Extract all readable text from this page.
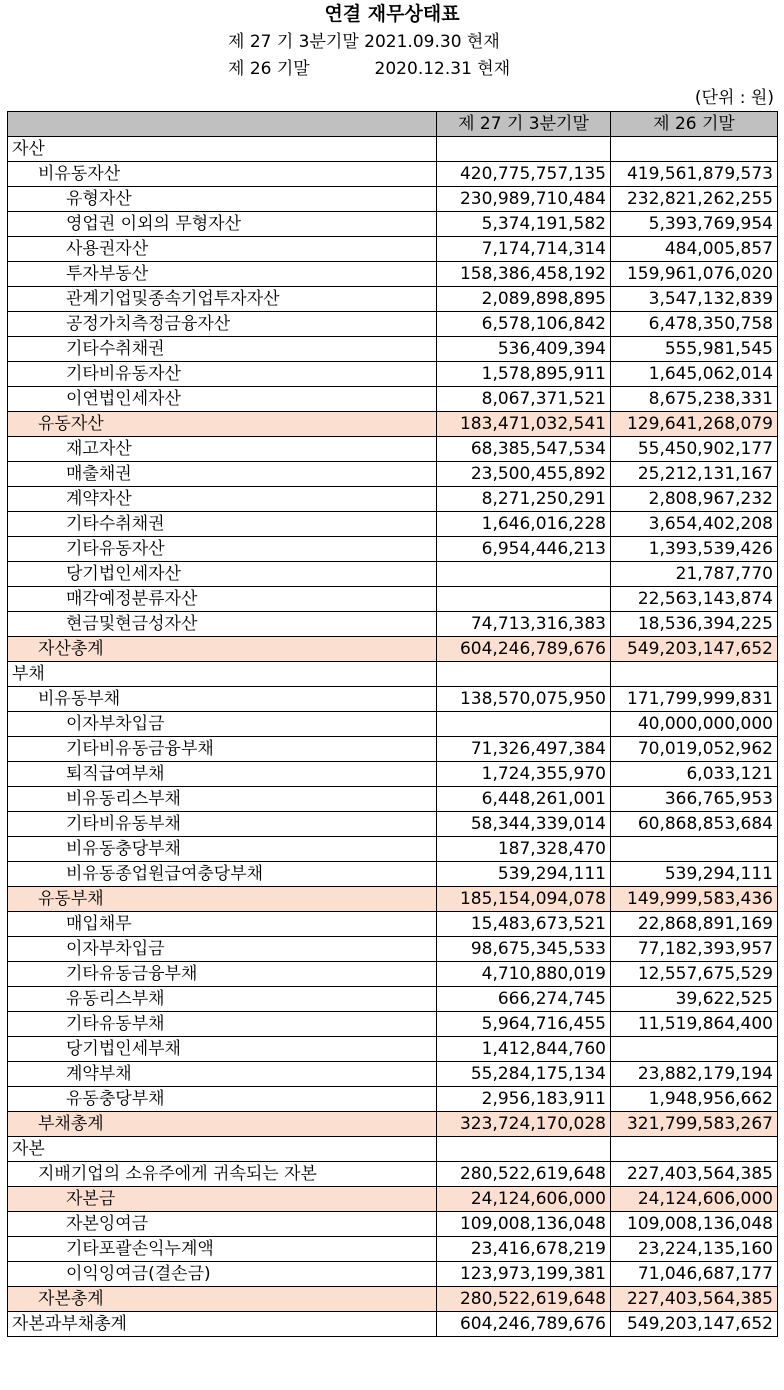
연결 재무상태표
제 27 기 3분기말 2021.09.30 현재
제 26 기말            2020.12.31 현재
(단위 : 원)
	제 27 기 3분기말	제 26 기말
자산		
비유동자산	420,775,757,135	419,561,879,573
유형자산	230,989,710,484	232,821,262,255
영업권 이외의 무형자산	5,374,191,582	5,393,769,954
사용권자산	7,174,714,314	484,005,857
투자부동산	158,386,458,192	159,961,076,020
관계기업및종속기업투자자산	2,089,898,895	3,547,132,839
공정가치측정금융자산	6,578,106,842	6,478,350,758
기타수취채권	536,409,394	555,981,545
기타비유동자산	1,578,895,911	1,645,062,014
이연법인세자산	8,067,371,521	8,675,238,331
유동자산	183,471,032,541	129,641,268,079
재고자산	68,385,547,534	55,450,902,177
매출채권	23,500,455,892	25,212,131,167
계약자산	8,271,250,291	2,808,967,232
기타수취채권	1,646,016,228	3,654,402,208
기타유동자산	6,954,446,213	1,393,539,426
당기법인세자산		21,787,770
매각예정분류자산		22,563,143,874
현금및현금성자산	74,713,316,383	18,536,394,225
자산총계	604,246,789,676	549,203,147,652
부채		
비유동부채	138,570,075,950	171,799,999,831
이자부차입금		40,000,000,000
기타비유동금융부채	71,326,497,384	70,019,052,962
퇴직급여부채	1,724,355,970	6,033,121
비유동리스부채	6,448,261,001	366,765,953
기타비유동부채	58,344,339,014	60,868,853,684
비유동충당부채	187,328,470	
비유동종업원급여충당부채	539,294,111	539,294,111
유동부채	185,154,094,078	149,999,583,436
매입채무	15,483,673,521	22,868,891,169
이자부차입금	98,675,345,533	77,182,393,957
기타유동금융부채	4,710,880,019	12,557,675,529
유동리스부채	666,274,745	39,622,525
기타유동부채	5,964,716,455	11,519,864,400
당기법인세부채	1,412,844,760	
계약부채	55,284,175,134	23,882,179,194
유동충당부채	2,956,183,911	1,948,956,662
부채총계	323,724,170,028	321,799,583,267
자본		
지배기업의 소유주에게 귀속되는 자본	280,522,619,648	227,403,564,385
자본금	24,124,606,000	24,124,606,000
자본잉여금	109,008,136,048	109,008,136,048
기타포괄손익누계액	23,416,678,219	23,224,135,160
이익잉여금(결손금)	123,973,199,381	71,046,687,177
자본총계	280,522,619,648	227,403,564,385
자본과부채총계	604,246,789,676	549,203,147,652
